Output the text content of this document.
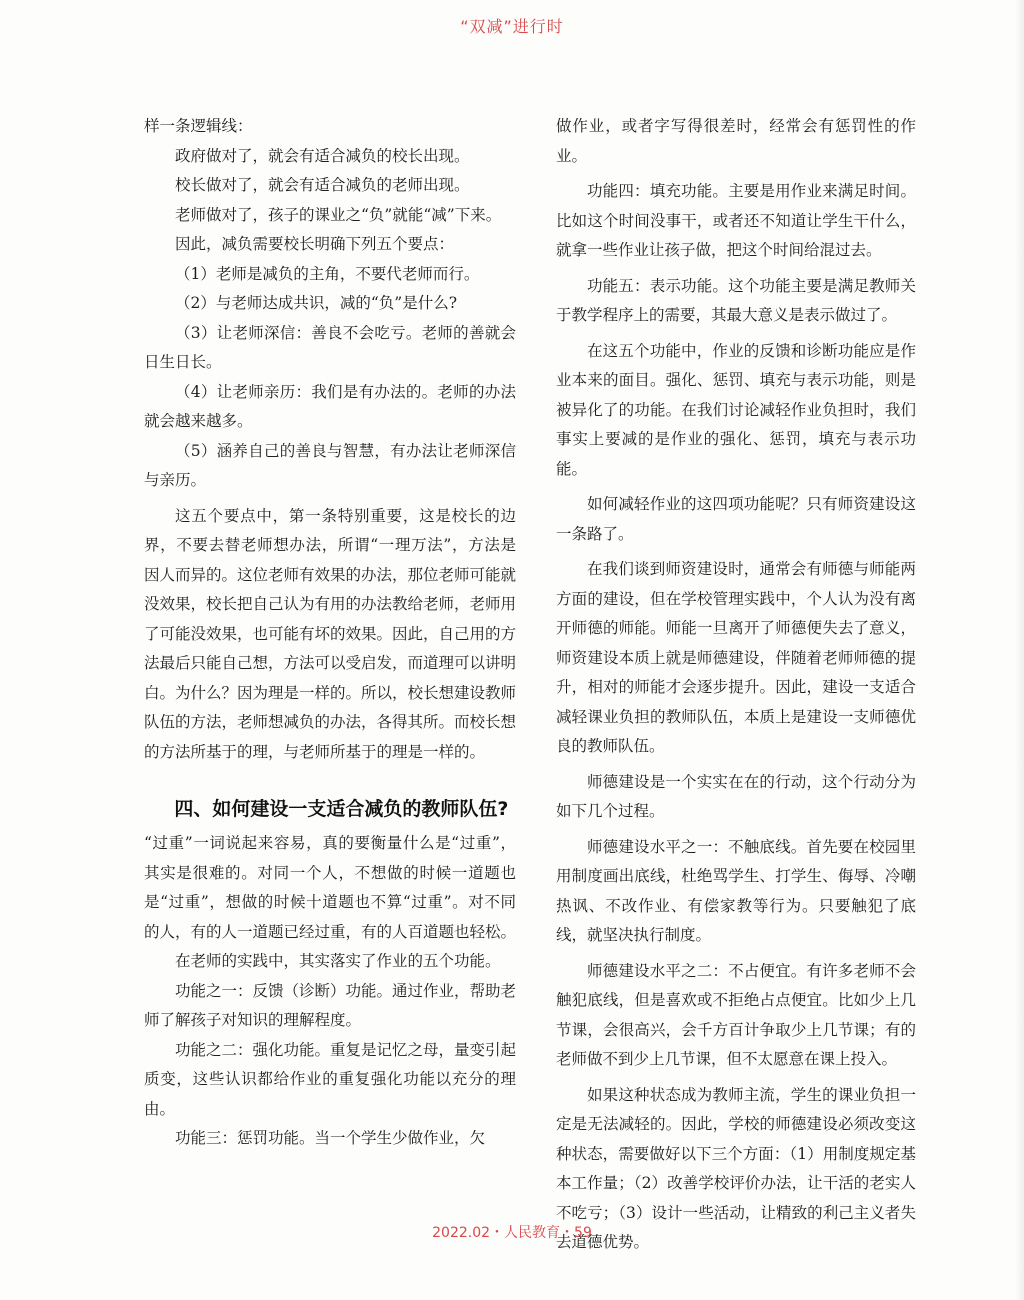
“双减”进行时

样一条逻辑线：

政府做对了，就会有适合减负的校长出现。

校长做对了，就会有适合减负的老师出现。

老师做对了，孩子的课业之“负”就能“减”下来。

因此，减负需要校长明确下列五个要点：

（1）老师是减负的主角，不要代老师而行。

（2）与老师达成共识，减的“负”是什么?

（3）让老师深信：善良不会吃亏。老师的善就会日生日长。

（4）让老师亲历：我们是有办法的。老师的办法就会越来越多。

（5）涵养自己的善良与智慧，有办法让老师深信与亲历。

这五个要点中，第一条特别重要，这是校长的边界，不要去替老师想办法，所谓“一理万法”，方法是因人而异的。这位老师有效果的办法，那位老师可能就没效果，校长把自己认为有用的办法教给老师，老师用了可能没效果，也可能有坏的效果。因此，自己用的方法最后只能自己想，方法可以受启发，而道理可以讲明白。为什么？因为理是一样的。所以，校长想建设教师队伍的方法，老师想减负的办法，各得其所。而校长想的方法所基于的理，与老师所基于的理是一样的。

四、如何建设一支适合减负的教师队伍?

“过重”一词说起来容易，真的要衡量什么是“过重”，其实是很难的。对同一个人，不想做的时候一道题也是“过重”，想做的时候十道题也不算“过重”。对不同的人，有的人一道题已经过重，有的人百道题也轻松。

在老师的实践中，其实落实了作业的五个功能。

功能之一：反馈（诊断）功能。通过作业，帮助老师了解孩子对知识的理解程度。

功能之二：强化功能。重复是记忆之母，量变引起质变，这些认识都给作业的重复强化功能以充分的理由。

功能三：惩罚功能。当一个学生少做作业，欠

做作业，或者字写得很差时，经常会有惩罚性的作业。

功能四：填充功能。主要是用作业来满足时间。比如这个时间没事干，或者还不知道让学生干什么，就拿一些作业让孩子做，把这个时间给混过去。

功能五：表示功能。这个功能主要是满足教师关于教学程序上的需要，其最大意义是表示做过了。

在这五个功能中，作业的反馈和诊断功能应是作业本来的面目。强化、惩罚、填充与表示功能，则是被异化了的功能。在我们讨论减轻作业负担时，我们事实上要减的是作业的强化、惩罚，填充与表示功能。

如何减轻作业的这四项功能呢？只有师资建设这一条路了。

在我们谈到师资建设时，通常会有师德与师能两方面的建设，但在学校管理实践中，个人认为没有离开师德的师能。师能一旦离开了师德便失去了意义，师资建设本质上就是师德建设，伴随着老师师德的提升，相对的师能才会逐步提升。因此，建设一支适合减轻课业负担的教师队伍，本质上是建设一支师德优良的教师队伍。

师德建设是一个实实在在的行动，这个行动分为如下几个过程。

师德建设水平之一：不触底线。首先要在校园里用制度画出底线，杜绝骂学生、打学生、侮辱、冷嘲热讽、不改作业、有偿家教等行为。只要触犯了底线，就坚决执行制度。

师德建设水平之二：不占便宜。有许多老师不会触犯底线，但是喜欢或不拒绝占点便宜。比如少上几节课，会很高兴，会千方百计争取少上几节课；有的老师做不到少上几节课，但不太愿意在课上投入。

如果这种状态成为教师主流，学生的课业负担一定是无法减轻的。因此，学校的师德建设必须改变这种状态，需要做好以下三个方面：（1）用制度规定基本工作量；（2）改善学校评价办法，让干活的老实人不吃亏；（3）设计一些活动，让精致的利己主义者失去道德优势。

2022.02・人民教育・59
